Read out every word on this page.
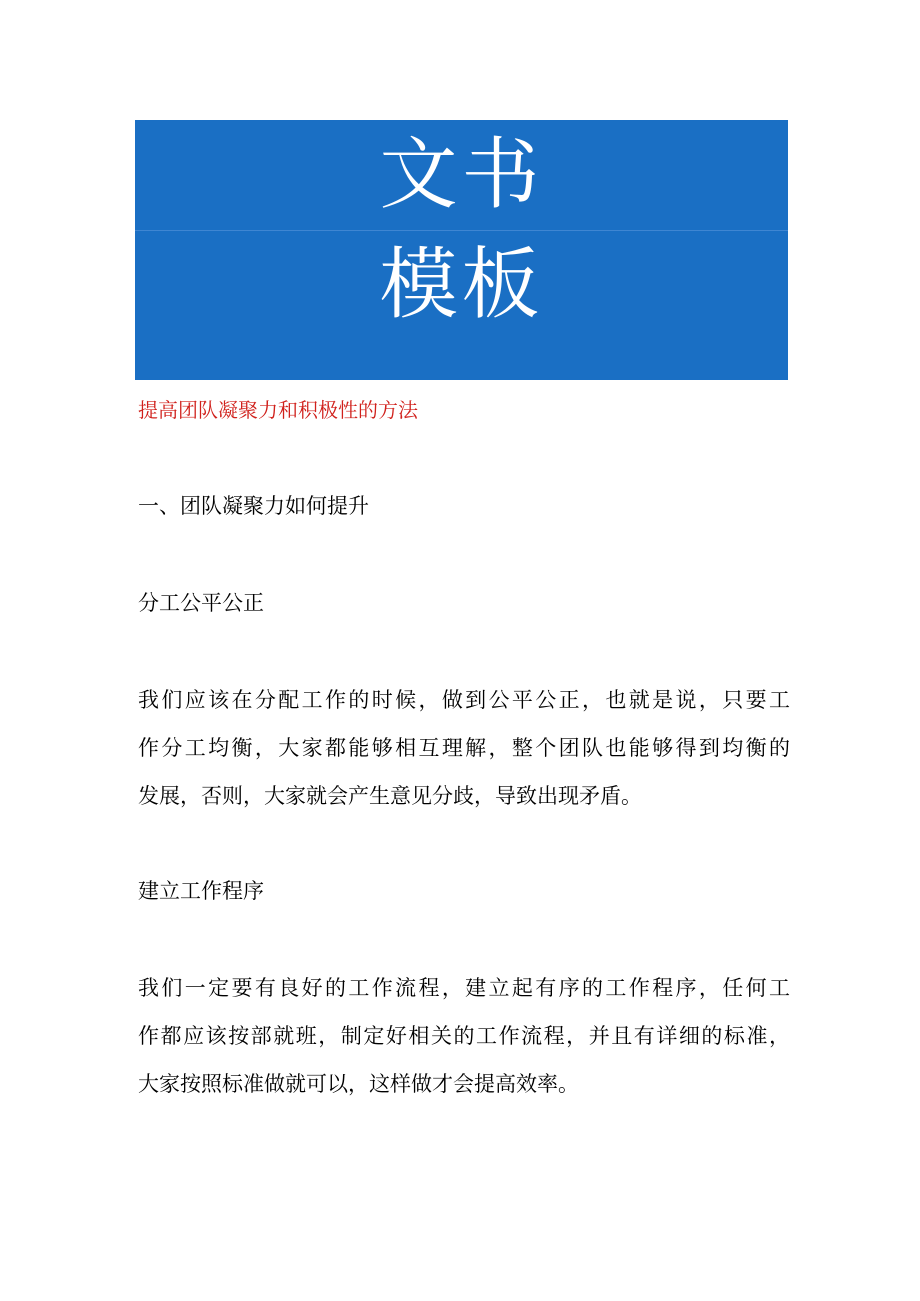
文书
模板
提高团队凝聚力和积极性的方法
一、团队凝聚力如何提升
分工公平公正
我们应该在分配工作的时候，做到公平公正，也就是说，只要工
作分工均衡，大家都能够相互理解，整个团队也能够得到均衡的
发展，否则，大家就会产生意见分歧，导致出现矛盾。
建立工作程序
我们一定要有良好的工作流程，建立起有序的工作程序，任何工
作都应该按部就班，制定好相关的工作流程，并且有详细的标准，
大家按照标准做就可以，这样做才会提高效率。
